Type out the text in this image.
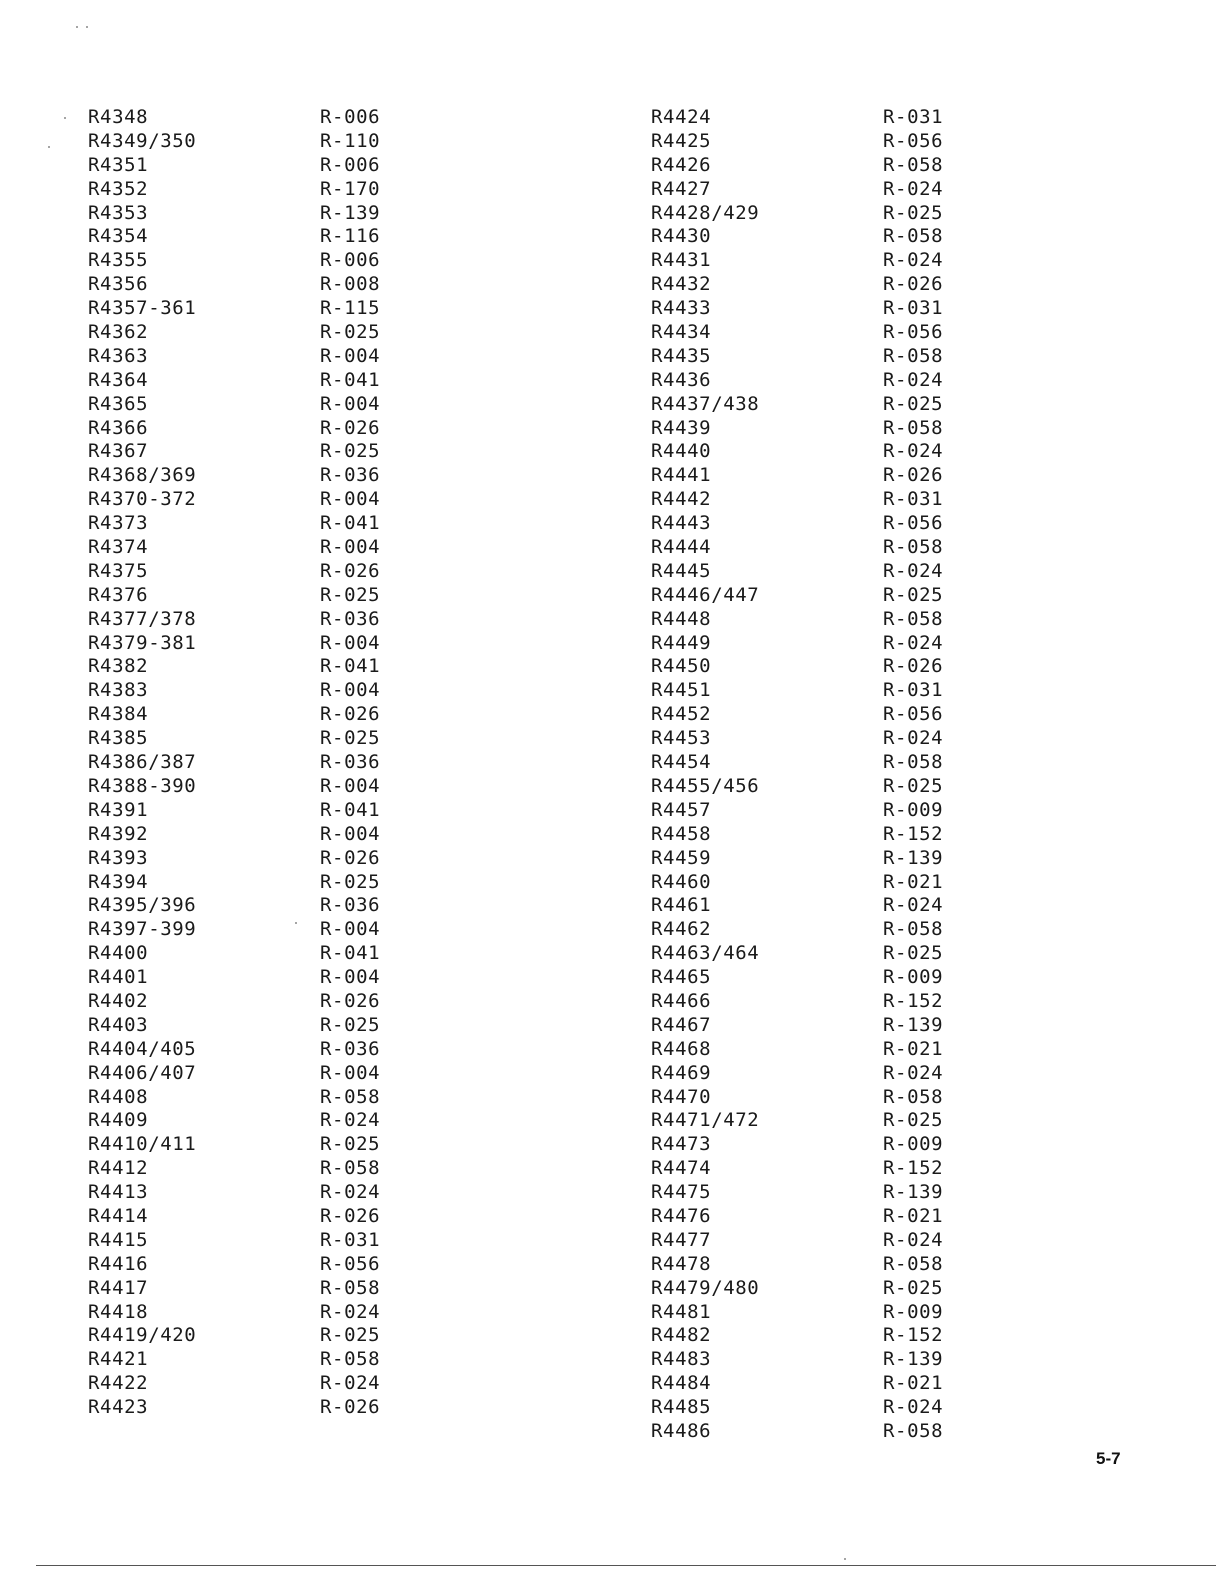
R4348	R-006
R4349/350	R-110
R4351	R-006
R4352	R-170
R4353	R-139
R4354	R-116
R4355	R-006
R4356	R-008
R4357-361	R-115
R4362	R-025
R4363	R-004
R4364	R-041
R4365	R-004
R4366	R-026
R4367	R-025
R4368/369	R-036
R4370-372	R-004
R4373	R-041
R4374	R-004
R4375	R-026
R4376	R-025
R4377/378	R-036
R4379-381	R-004
R4382	R-041
R4383	R-004
R4384	R-026
R4385	R-025
R4386/387	R-036
R4388-390	R-004
R4391	R-041
R4392	R-004
R4393	R-026
R4394	R-025
R4395/396	R-036
R4397-399	R-004
R4400	R-041
R4401	R-004
R4402	R-026
R4403	R-025
R4404/405	R-036
R4406/407	R-004
R4408	R-058
R4409	R-024
R4410/411	R-025
R4412	R-058
R4413	R-024
R4414	R-026
R4415	R-031
R4416	R-056
R4417	R-058
R4418	R-024
R4419/420	R-025
R4421	R-058
R4422	R-024
R4423	R-026
R4424	R-031
R4425	R-056
R4426	R-058
R4427	R-024
R4428/429	R-025
R4430	R-058
R4431	R-024
R4432	R-026
R4433	R-031
R4434	R-056
R4435	R-058
R4436	R-024
R4437/438	R-025
R4439	R-058
R4440	R-024
R4441	R-026
R4442	R-031
R4443	R-056
R4444	R-058
R4445	R-024
R4446/447	R-025
R4448	R-058
R4449	R-024
R4450	R-026
R4451	R-031
R4452	R-056
R4453	R-024
R4454	R-058
R4455/456	R-025
R4457	R-009
R4458	R-152
R4459	R-139
R4460	R-021
R4461	R-024
R4462	R-058
R4463/464	R-025
R4465	R-009
R4466	R-152
R4467	R-139
R4468	R-021
R4469	R-024
R4470	R-058
R4471/472	R-025
R4473	R-009
R4474	R-152
R4475	R-139
R4476	R-021
R4477	R-024
R4478	R-058
R4479/480	R-025
R4481	R-009
R4482	R-152
R4483	R-139
R4484	R-021
R4485	R-024
R4486	R-058
5-7
